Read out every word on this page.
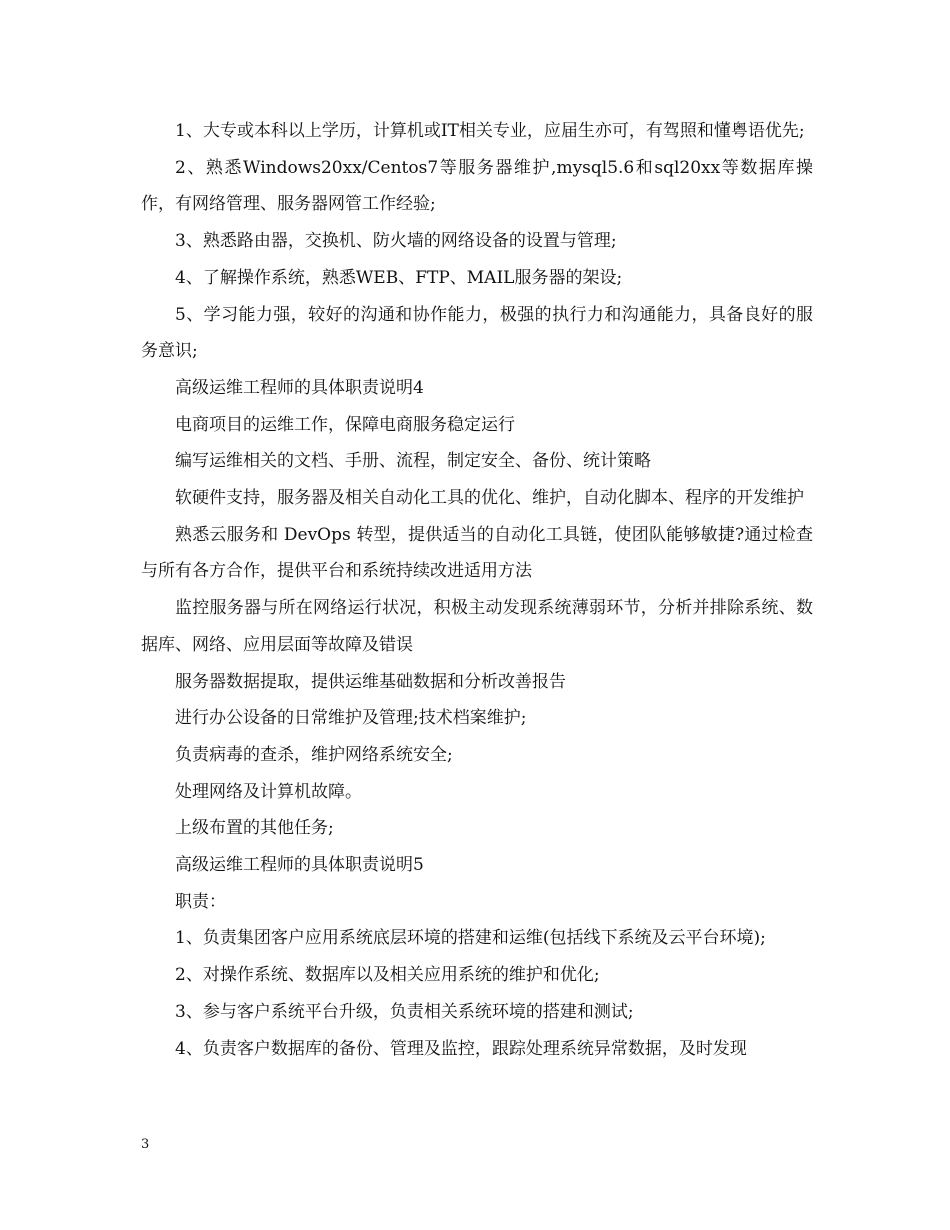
1、大专或本科以上学历，计算机或IT相关专业，应届生亦可，有驾照和懂粤语优先;

2、熟悉Windows20xx/Centos7等服务器维护,mysql5.6和sql20xx等数据库操作，有网络管理、服务器网管工作经验;

3、熟悉路由器，交换机、防火墙的网络设备的设置与管理;

4、了解操作系统，熟悉WEB、FTP、MAIL服务器的架设;

5、学习能力强，较好的沟通和协作能力，极强的执行力和沟通能力，具备良好的服务意识;

高级运维工程师的具体职责说明4

电商项目的运维工作，保障电商服务稳定运行

编写运维相关的文档、手册、流程，制定安全、备份、统计策略

软硬件支持，服务器及相关自动化工具的优化、维护，自动化脚本、程序的开发维护

熟悉云服务和 DevOps 转型，提供适当的自动化工具链，使团队能够敏捷?通过检查与所有各方合作，提供平台和系统持续改进适用方法

监控服务器与所在网络运行状况，积极主动发现系统薄弱环节，分析并排除系统、数据库、网络、应用层面等故障及错误

服务器数据提取，提供运维基础数据和分析改善报告

进行办公设备的日常维护及管理;技术档案维护;

负责病毒的查杀，维护网络系统安全;

处理网络及计算机故障。

上级布置的其他任务;

高级运维工程师的具体职责说明5

职责：

1、负责集团客户应用系统底层环境的搭建和运维(包括线下系统及云平台环境);

2、对操作系统、数据库以及相关应用系统的维护和优化;

3、参与客户系统平台升级，负责相关系统环境的搭建和测试;

4、负责客户数据库的备份、管理及监控，跟踪处理系统异常数据，及时发现

3
